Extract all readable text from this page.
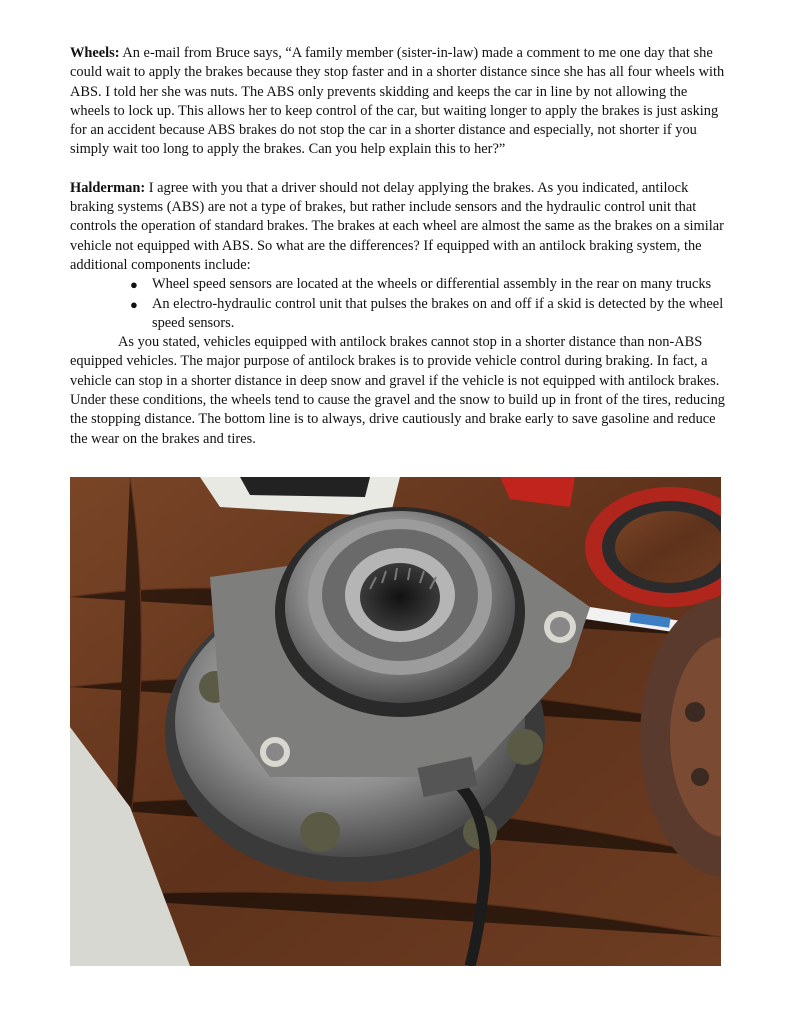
Wheels: An e-mail from Bruce says, “A family member (sister-in-law) made a comment to me one day that she could wait to apply the brakes because they stop faster and in a shorter distance since she has all four wheels with ABS. I told her she was nuts. The ABS only prevents skidding and keeps the car in line by not allowing the wheels to lock up. This allows her to keep control of the car, but waiting longer to apply the brakes is just asking for an accident because ABS brakes do not stop the car in a shorter distance and especially, not shorter if you simply wait too long to apply the brakes. Can you help explain this to her?”

Halderman: I agree with you that a driver should not delay applying the brakes. As you indicated, antilock braking systems (ABS) are not a type of brakes, but rather include sensors and the hydraulic control unit that controls the operation of standard brakes. The brakes at each wheel are almost the same as the brakes on a similar vehicle not equipped with ABS. So what are the differences? If equipped with an antilock braking system, the additional components include:

● Wheel speed sensors are located at the wheels or differential assembly in the rear on many trucks
● An electro-hydraulic control unit that pulses the brakes on and off if a skid is detected by the wheel speed sensors.

As you stated, vehicles equipped with antilock brakes cannot stop in a shorter distance than non-ABS equipped vehicles. The major purpose of antilock brakes is to provide vehicle control during braking. In fact, a vehicle can stop in a shorter distance in deep snow and gravel if the vehicle is not equipped with antilock brakes. Under these conditions, the wheels tend to cause the gravel and the snow to build up in front of the tires, reducing the stopping distance. The bottom line is to always, drive cautiously and brake early to save gasoline and reduce the wear on the brakes and tires.
